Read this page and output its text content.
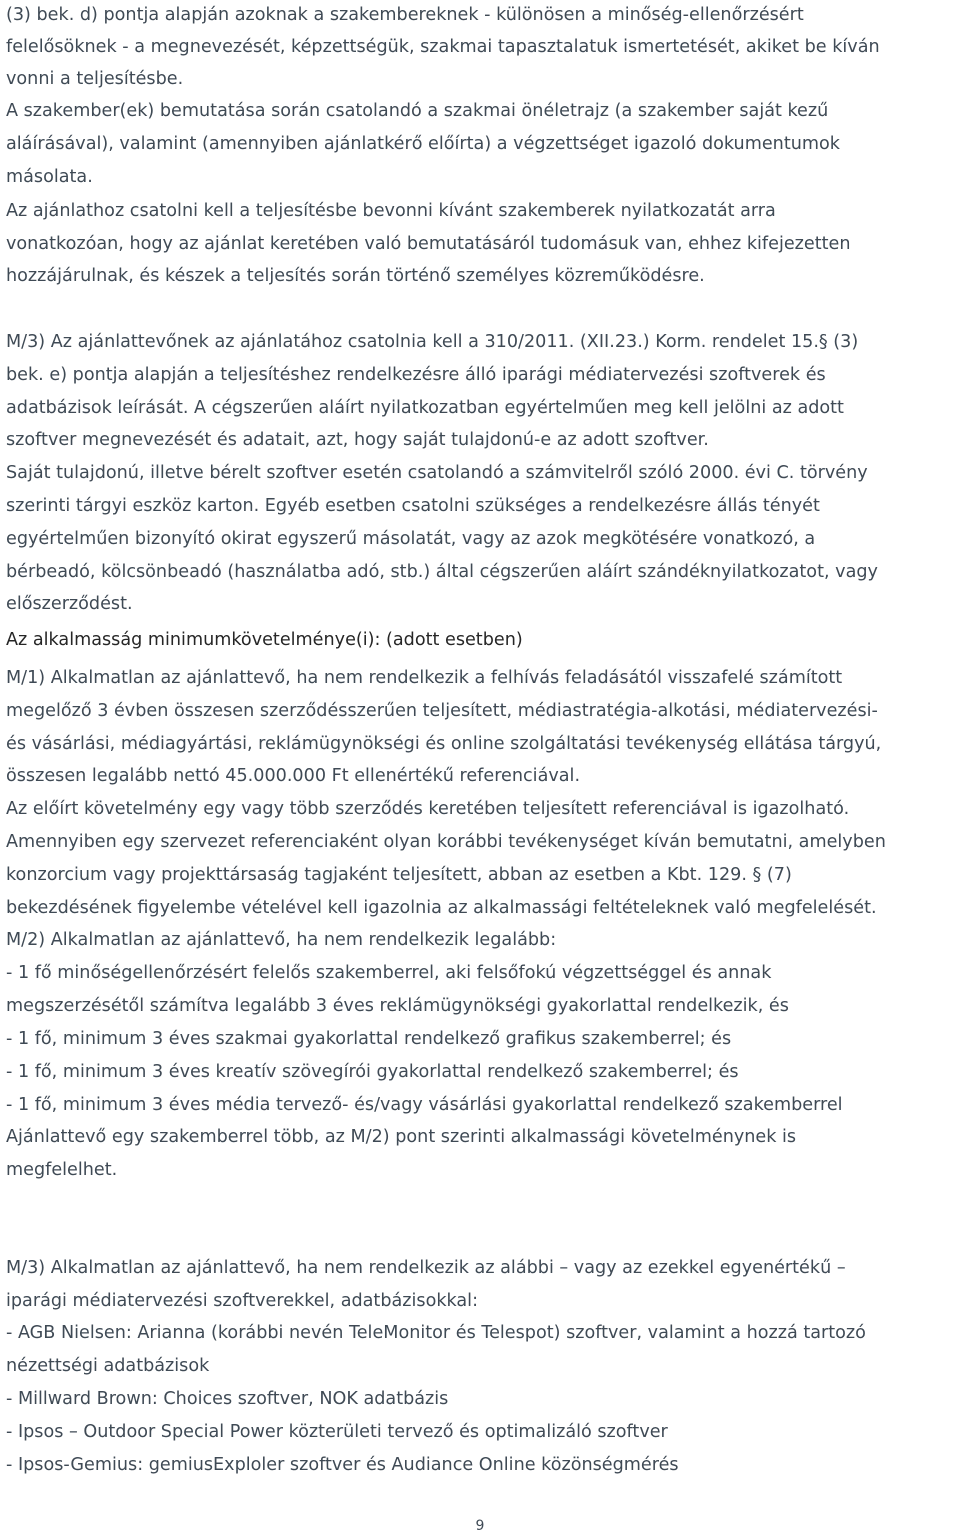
(3) bek. d) pontja alapján azoknak a szakembereknek - különösen a minőség-ellenőrzésért
felelősöknek - a megnevezését, képzettségük, szakmai tapasztalatuk ismertetését, akiket be kíván
vonni a teljesítésbe.
A szakember(ek) bemutatása során csatolandó a szakmai önéletrajz (a szakember saját kezű
aláírásával), valamint (amennyiben ajánlatkérő előírta) a végzettséget igazoló dokumentumok
másolata.
Az ajánlathoz csatolni kell a teljesítésbe bevonni kívánt szakemberek nyilatkozatát arra
vonatkozóan, hogy az ajánlat keretében való bemutatásáról tudomásuk van, ehhez kifejezetten
hozzájárulnak, és készek a teljesítés során történő személyes közreműködésre.
M/3) Az ajánlattevőnek az ajánlatához csatolnia kell a 310/2011. (XII.23.) Korm. rendelet 15.§ (3)
bek. e) pontja alapján a teljesítéshez rendelkezésre álló iparági médiatervezési szoftverek és
adatbázisok leírását. A cégszerűen aláírt nyilatkozatban egyértelműen meg kell jelölni az adott
szoftver megnevezését és adatait, azt, hogy saját tulajdonú-e az adott szoftver.
Saját tulajdonú, illetve bérelt szoftver esetén csatolandó a számvitelről szóló 2000. évi C. törvény
szerinti tárgyi eszköz karton. Egyéb esetben csatolni szükséges a rendelkezésre állás tényét
egyértelműen bizonyító okirat egyszerű másolatát, vagy az azok megkötésére vonatkozó, a
bérbeadó, kölcsönbeadó (használatba adó, stb.) által cégszerűen aláírt szándéknyilatkozatot, vagy
előszerződést.
Az alkalmasság minimumkövetelménye(i): (adott esetben)
M/1) Alkalmatlan az ajánlattevő, ha nem rendelkezik a felhívás feladásától visszafelé számított
megelőző 3 évben összesen szerződésszerűen teljesített, médiastratégia-alkotási, médiatervezési-
és vásárlási, médiagyártási, reklámügynökségi és online szolgáltatási tevékenység ellátása tárgyú,
összesen legalább nettó 45.000.000 Ft ellenértékű referenciával.
Az előírt követelmény egy vagy több szerződés keretében teljesített referenciával is igazolható.
Amennyiben egy szervezet referenciaként olyan korábbi tevékenységet kíván bemutatni, amelyben
konzorcium vagy projekttársaság tagjaként teljesített, abban az esetben a Kbt. 129. § (7)
bekezdésének figyelembe vételével kell igazolnia az alkalmassági feltételeknek való megfelelését.
M/2) Alkalmatlan az ajánlattevő, ha nem rendelkezik legalább:
- 1 fő minőségellenőrzésért felelős szakemberrel, aki felsőfokú végzettséggel és annak
megszerzésétől számítva legalább 3 éves reklámügynökségi gyakorlattal rendelkezik, és
- 1 fő, minimum 3 éves szakmai gyakorlattal rendelkező grafikus szakemberrel; és
- 1 fő, minimum 3 éves kreatív szövegírói gyakorlattal rendelkező szakemberrel; és
- 1 fő, minimum 3 éves média tervező- és/vagy vásárlási gyakorlattal rendelkező szakemberrel
Ajánlattevő egy szakemberrel több, az M/2) pont szerinti alkalmassági követelménynek is
megfelelhet.
M/3) Alkalmatlan az ajánlattevő, ha nem rendelkezik az alábbi – vagy az ezekkel egyenértékű –
iparági médiatervezési szoftverekkel, adatbázisokkal:
- AGB Nielsen: Arianna (korábbi nevén TeleMonitor és Telespot) szoftver, valamint a hozzá tartozó
nézettségi adatbázisok
- Millward Brown: Choices szoftver, NOK adatbázis
- Ipsos – Outdoor Special Power közterületi tervező és optimalizáló szoftver
- Ipsos-Gemius: gemiusExploler szoftver és Audiance Online közönségmérés
9
